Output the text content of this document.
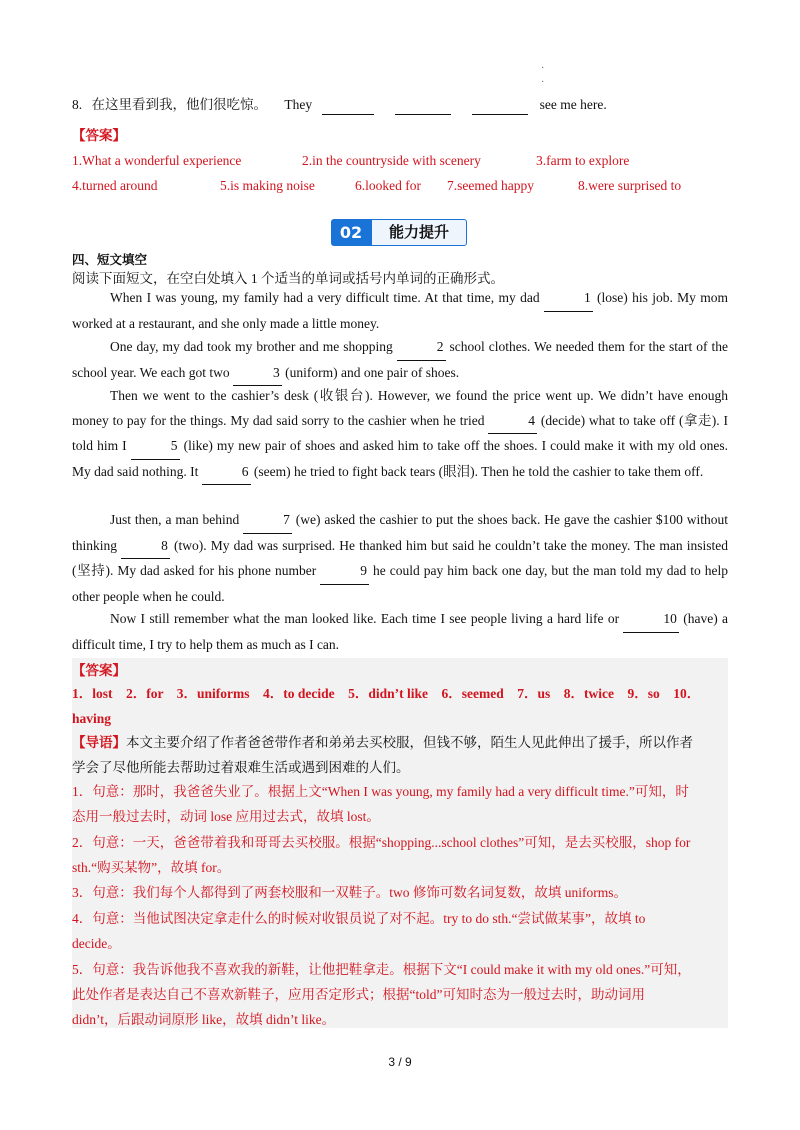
·
·
8. 在这里看到我，他们很吃惊。 They	see me here.
【答案】
1.What a wonderful experience	2.in the countryside with scenery	3.farm to explore
4.turned around	5.is making noise	6.looked for 7.seemed happy	8.were surprised to
02	能力提升
四、短文填空
阅读下面短文，在空白处填入 1 个适当的单词或括号内单词的正确形式。

When I was young, my family had a very difficult time. At that time, my dad	1 (lose) his job. My mom worked at a restaurant, and she only made a little money.

One day, my dad took my brother and me shopping	2 school clothes. We needed them for the start of the school year. We each got two	3 (uniform) and one pair of shoes.

Then we went to the cashier’s desk (收银台). However, we found the price went up. We didn’t have enough money to pay for the things. My dad said sorry to the cashier when he tried	4 (decide) what to take off (拿走). I told him I	5 (like) my new pair of shoes and asked him to take off the shoes. I could make it with my old ones. My dad said nothing. It	6 (seem) he tried to fight back tears (眼泪). Then he told the cashier to take them off.

Just then, a man behind	7 (we) asked the cashier to put the shoes back. He gave the cashier $100 without thinking	8 (two). My dad was surprised. He thanked him but said he couldn’t take the money. The man insisted (坚持). My dad asked for his phone number	9 he could pay him back one day, but the man told my dad to help other people when he could.

Now I still remember what the man looked like. Each time I see people living a hard life or	10 (have) a difficult time, I try to help them as much as I can.

【答案】
1．lost　2．for　3．uniforms　4．to decide　5．didn’t like　6．seemed　7．us　8．twice　9．so　10．
having
【导语】本文主要介绍了作者爸爸带作者和弟弟去买校服，但钱不够，陌生人见此伸出了援手，所以作者
学会了尽他所能去帮助过着艰难生活或遇到困难的人们。
1．句意：那时，我爸爸失业了。根据上文“When I was young, my family had a very difficult time.”可知，时
态用一般过去时，动词 lose 应用过去式，故填 lost。
2．句意：一天，爸爸带着我和哥哥去买校服。根据“shopping...school clothes”可知，是去买校服，shop for
sth.“购买某物”，故填 for。
3．句意：我们每个人都得到了两套校服和一双鞋子。two 修饰可数名词复数，故填 uniforms。
4．句意：当他试图决定拿走什么的时候对收银员说了对不起。try to do sth.“尝试做某事”，故填 to
decide。
5．句意：我告诉他我不喜欢我的新鞋，让他把鞋拿走。根据下文“I could make it with my old ones.”可知，
此处作者是表达自己不喜欢新鞋子，应用否定形式；根据“told”可知时态为一般过去时，助动词用
didn’t，后跟动词原形 like，故填 didn’t like。
3 / 9
